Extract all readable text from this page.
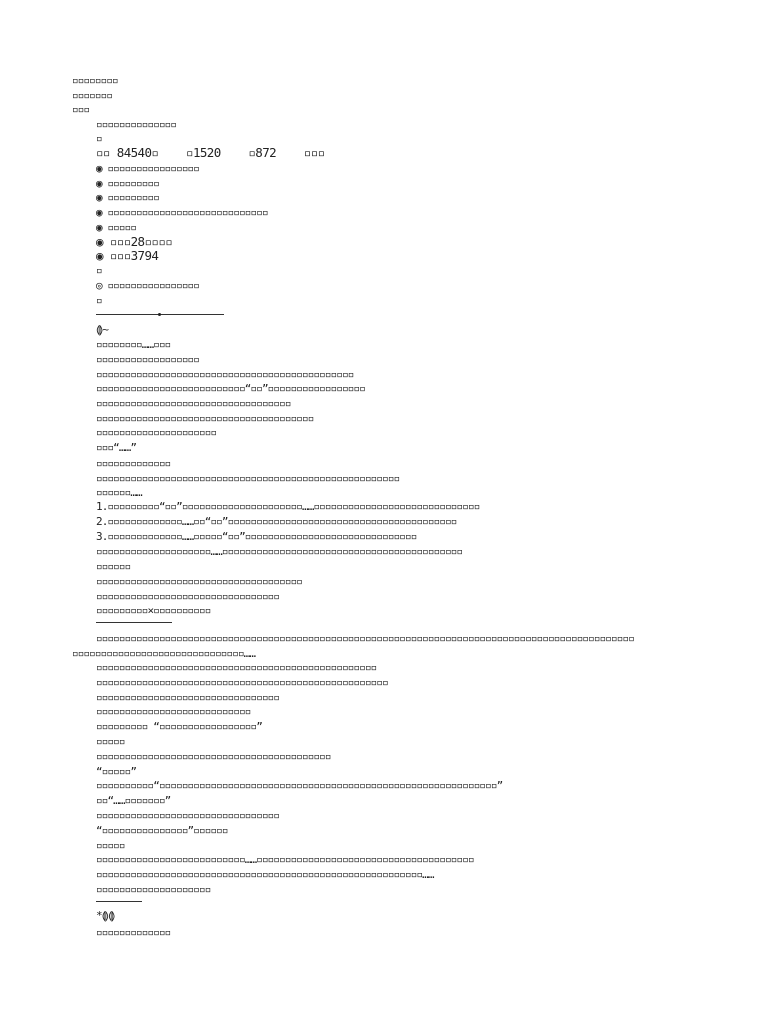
▫▫▫▫▫▫▫▫
▫▫▫▫▫▫▫
▫▫▫
▫▫▫▫▫▫▫▫▫▫▫▫▫▫
▫
▫▫ 84540▫    ▫1520    ▫872    ▫▫▫
◉ ▫▫▫▫▫▫▫▫▫▫▫▫▫▫▫▫
◉ ▫▫▫▫▫▫▫▫▫
◉ ▫▫▫▫▫▫▫▫▫
◉ ▫▫▫▫▫▫▫▫▫▫▫▫▫▫▫▫▫▫▫▫▫▫▫▫▫▫▫▫
◉ ▫▫▫▫▫
◉ ▫▫▫28▫▫▫▫
◉ ▫▫▫3794
▫
◎ ▫▫▫▫▫▫▫▫▫▫▫▫▫▫▫▫
▫
⟬⟭~
▫▫▫▫▫▫▫▫……▫▫▫
▫▫▫▫▫▫▫▫▫▫▫▫▫▫▫▫▫▫
▫▫▫▫▫▫▫▫▫▫▫▫▫▫▫▫▫▫▫▫▫▫▫▫▫▫▫▫▫▫▫▫▫▫▫▫▫▫▫▫▫▫▫▫▫
▫▫▫▫▫▫▫▫▫▫▫▫▫▫▫▫▫▫▫▫▫▫▫▫▫▫“▫▫”▫▫▫▫▫▫▫▫▫▫▫▫▫▫▫▫▫
▫▫▫▫▫▫▫▫▫▫▫▫▫▫▫▫▫▫▫▫▫▫▫▫▫▫▫▫▫▫▫▫▫▫
▫▫▫▫▫▫▫▫▫▫▫▫▫▫▫▫▫▫▫▫▫▫▫▫▫▫▫▫▫▫▫▫▫▫▫▫▫▫
▫▫▫▫▫▫▫▫▫▫▫▫▫▫▫▫▫▫▫▫▫
▫▫▫“……”
▫▫▫▫▫▫▫▫▫▫▫▫▫
▫▫▫▫▫▫▫▫▫▫▫▫▫▫▫▫▫▫▫▫▫▫▫▫▫▫▫▫▫▫▫▫▫▫▫▫▫▫▫▫▫▫▫▫▫▫▫▫▫▫▫▫▫
▫▫▫▫▫▫……
1.▫▫▫▫▫▫▫▫▫“▫▫”▫▫▫▫▫▫▫▫▫▫▫▫▫▫▫▫▫▫▫▫▫……▫▫▫▫▫▫▫▫▫▫▫▫▫▫▫▫▫▫▫▫▫▫▫▫▫▫▫▫▫
2.▫▫▫▫▫▫▫▫▫▫▫▫▫……▫▫“▫▫”▫▫▫▫▫▫▫▫▫▫▫▫▫▫▫▫▫▫▫▫▫▫▫▫▫▫▫▫▫▫▫▫▫▫▫▫▫▫▫▫
3.▫▫▫▫▫▫▫▫▫▫▫▫▫……▫▫▫▫▫“▫▫”▫▫▫▫▫▫▫▫▫▫▫▫▫▫▫▫▫▫▫▫▫▫▫▫▫▫▫▫▫▫
▫▫▫▫▫▫▫▫▫▫▫▫▫▫▫▫▫▫▫▫……▫▫▫▫▫▫▫▫▫▫▫▫▫▫▫▫▫▫▫▫▫▫▫▫▫▫▫▫▫▫▫▫▫▫▫▫▫▫▫▫▫▫
▫▫▫▫▫▫
▫▫▫▫▫▫▫▫▫▫▫▫▫▫▫▫▫▫▫▫▫▫▫▫▫▫▫▫▫▫▫▫▫▫▫▫
▫▫▫▫▫▫▫▫▫▫▫▫▫▫▫▫▫▫▫▫▫▫▫▫▫▫▫▫▫▫▫▫
▫▫▫▫▫▫▫▫▫×▫▫▫▫▫▫▫▫▫▫
▫▫▫▫▫▫▫▫▫▫▫▫▫▫▫▫▫▫▫▫▫▫▫▫▫▫▫▫▫▫▫▫▫▫▫▫▫▫▫▫▫▫▫▫▫▫▫▫▫▫▫▫▫▫▫▫▫▫▫▫▫▫▫▫▫▫▫▫▫▫▫▫▫▫▫▫▫▫▫▫▫▫▫▫▫▫▫▫▫▫▫▫▫▫
▫▫▫▫▫▫▫▫▫▫▫▫▫▫▫▫▫▫▫▫▫▫▫▫▫▫▫▫▫▫……
▫▫▫▫▫▫▫▫▫▫▫▫▫▫▫▫▫▫▫▫▫▫▫▫▫▫▫▫▫▫▫▫▫▫▫▫▫▫▫▫▫▫▫▫▫▫▫▫▫
▫▫▫▫▫▫▫▫▫▫▫▫▫▫▫▫▫▫▫▫▫▫▫▫▫▫▫▫▫▫▫▫▫▫▫▫▫▫▫▫▫▫▫▫▫▫▫▫▫▫▫
▫▫▫▫▫▫▫▫▫▫▫▫▫▫▫▫▫▫▫▫▫▫▫▫▫▫▫▫▫▫▫▫
▫▫▫▫▫▫▫▫▫▫▫▫▫▫▫▫▫▫▫▫▫▫▫▫▫▫▫
▫▫▫▫▫▫▫▫▫ “▫▫▫▫▫▫▫▫▫▫▫▫▫▫▫▫▫”
▫▫▫▫▫
▫▫▫▫▫▫▫▫▫▫▫▫▫▫▫▫▫▫▫▫▫▫▫▫▫▫▫▫▫▫▫▫▫▫▫▫▫▫▫▫▫
“▫▫▫▫▫”
▫▫▫▫▫▫▫▫▫▫“▫▫▫▫▫▫▫▫▫▫▫▫▫▫▫▫▫▫▫▫▫▫▫▫▫▫▫▫▫▫▫▫▫▫▫▫▫▫▫▫▫▫▫▫▫▫▫▫▫▫▫▫▫▫▫▫▫▫▫”
▫▫“……▫▫▫▫▫▫▫”
▫▫▫▫▫▫▫▫▫▫▫▫▫▫▫▫▫▫▫▫▫▫▫▫▫▫▫▫▫▫▫▫
“▫▫▫▫▫▫▫▫▫▫▫▫▫▫▫”▫▫▫▫▫▫
▫▫▫▫▫
▫▫▫▫▫▫▫▫▫▫▫▫▫▫▫▫▫▫▫▫▫▫▫▫▫▫……▫▫▫▫▫▫▫▫▫▫▫▫▫▫▫▫▫▫▫▫▫▫▫▫▫▫▫▫▫▫▫▫▫▫▫▫▫▫
▫▫▫▫▫▫▫▫▫▫▫▫▫▫▫▫▫▫▫▫▫▫▫▫▫▫▫▫▫▫▫▫▫▫▫▫▫▫▫▫▫▫▫▫▫▫▫▫▫▫▫▫▫▫▫▫▫……
▫▫▫▫▫▫▫▫▫▫▫▫▫▫▫▫▫▫▫▫
*⟬⟭⟬⟭
▫▫▫▫▫▫▫▫▫▫▫▫▫
